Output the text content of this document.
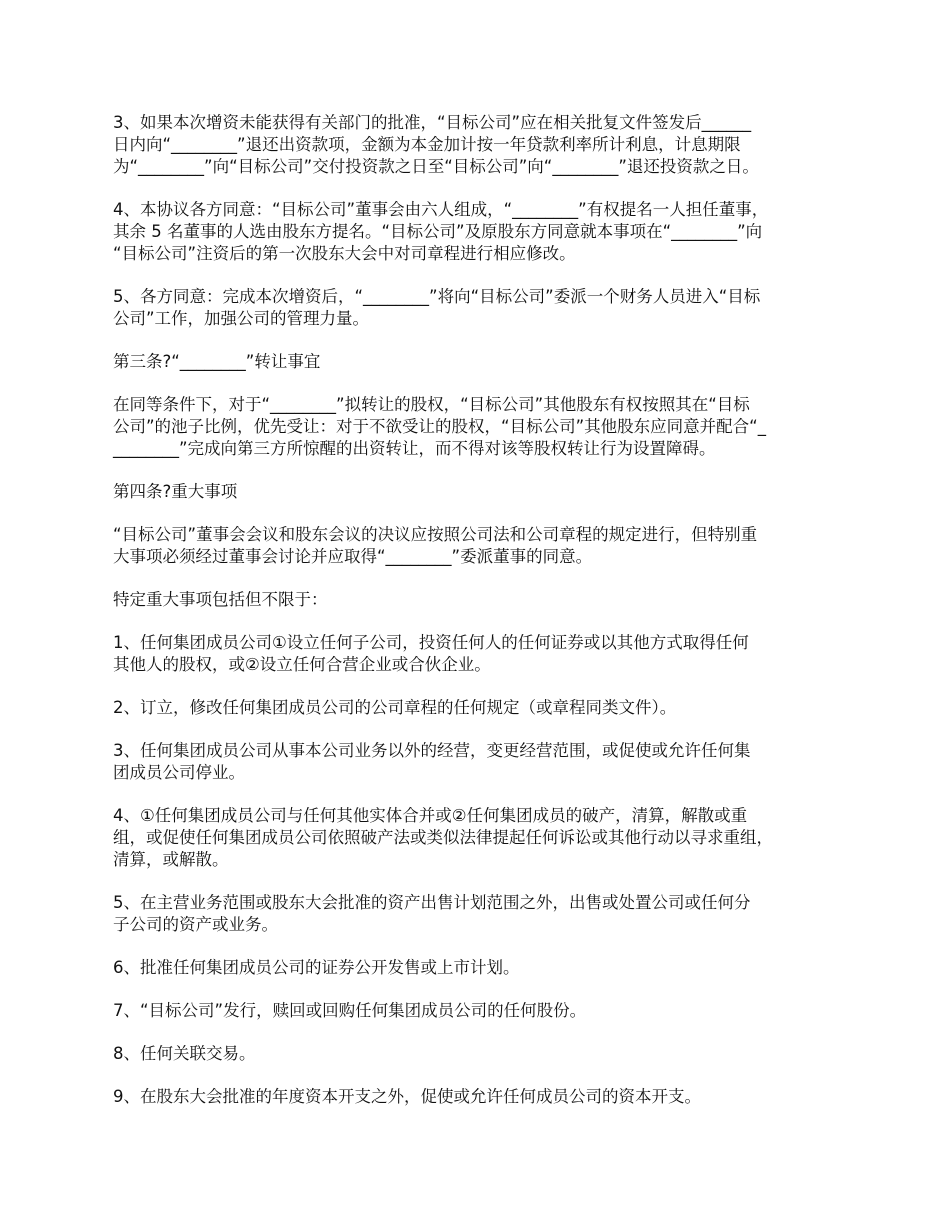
3、如果本次增资未能获得有关部门的批准，“目标公司”应在相关批复文件签发后______
日内向“________”退还出资款项，金额为本金加计按一年贷款利率所计利息，计息期限
为“________”向“目标公司”交付投资款之日至“目标公司”向“________”退还投资款之日。

4、本协议各方同意：“目标公司”董事会由六人组成，“________”有权提名一人担任董事，
其余 5 名董事的人选由股东方提名。“目标公司”及原股东方同意就本事项在“________”向
“目标公司”注资后的第一次股东大会中对司章程进行相应修改。

5、各方同意：完成本次增资后，“________”将向“目标公司”委派一个财务人员进入“目标
公司”工作，加强公司的管理力量。

第三条?“________”转让事宜

在同等条件下，对于“________”拟转让的股权，“目标公司”其他股东有权按照其在“目标
公司”的池子比例，优先受让：对于不欲受让的股权，“目标公司”其他股东应同意并配合“_
________”完成向第三方所惊醒的出资转让，而不得对该等股权转让行为设置障碍。

第四条?重大事项

“目标公司”董事会会议和股东会议的决议应按照公司法和公司章程的规定进行，但特别重
大事项必须经过董事会讨论并应取得“________”委派董事的同意。

特定重大事项包括但不限于：

1、任何集团成员公司①设立任何子公司，投资任何人的任何证券或以其他方式取得任何
其他人的股权，或②设立任何合营企业或合伙企业。

2、订立，修改任何集团成员公司的公司章程的任何规定（或章程同类文件）。

3、任何集团成员公司从事本公司业务以外的经营，变更经营范围，或促使或允许任何集
团成员公司停业。

4、①任何集团成员公司与任何其他实体合并或②任何集团成员的破产，清算，解散或重
组，或促使任何集团成员公司依照破产法或类似法律提起任何诉讼或其他行动以寻求重组，
清算，或解散。

5、在主营业务范围或股东大会批准的资产出售计划范围之外，出售或处置公司或任何分
子公司的资产或业务。

6、批准任何集团成员公司的证券公开发售或上市计划。

7、“目标公司”发行，赎回或回购任何集团成员公司的任何股份。

8、任何关联交易。

9、在股东大会批准的年度资本开支之外，促使或允许任何成员公司的资本开支。
